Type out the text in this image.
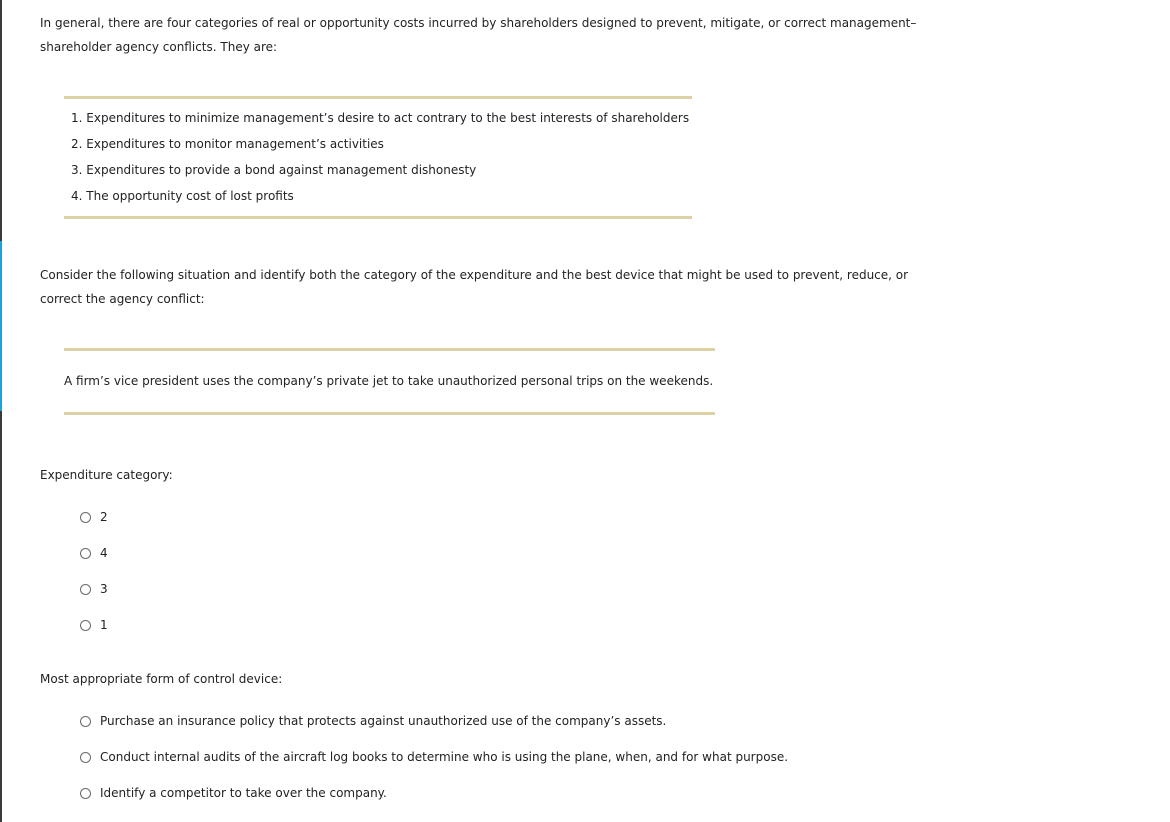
In general, there are four categories of real or opportunity costs incurred by shareholders designed to prevent, mitigate, or correct management–
shareholder agency conflicts. They are:

1. Expenditures to minimize management’s desire to act contrary to the best interests of shareholders
2. Expenditures to monitor management’s activities
3. Expenditures to provide a bond against management dishonesty
4. The opportunity cost of lost profits

Consider the following situation and identify both the category of the expenditure and the best device that might be used to prevent, reduce, or
correct the agency conflict:

A firm’s vice president uses the company’s private jet to take unauthorized personal trips on the weekends.
Expenditure category:
2
4
3
1
Most appropriate form of control device:
Purchase an insurance policy that protects against unauthorized use of the company’s assets.
Conduct internal audits of the aircraft log books to determine who is using the plane, when, and for what purpose.
Identify a competitor to take over the company.
